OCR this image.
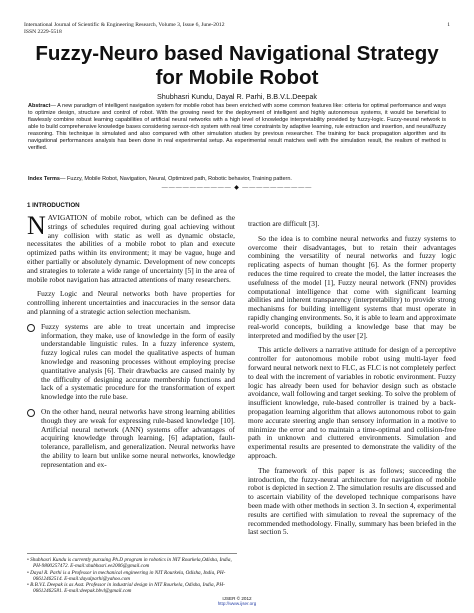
International Journal of Scientific & Engineering Research, Volume 3, Issue 6, June-2012
ISSN 2229-5518
1
Fuzzy-Neuro based Navigational Strategy for Mobile Robot
Shubhasri Kundu, Dayal R. Parhi, B.B.V.L.Deepak
Abstract— A new paradigm of intelligent navigation system for mobile robot has been enriched with some common features like: criteria for optimal performance and ways to optimize design, structure and control of robot. With the growing need for the deployment of intelligent and highly autonomous systems, it would be beneficial to flawlessly combine robust learning capabilities of artificial neural networks with a high level of knowledge interpretability provided by fuzzy-logic. Fuzzy-neural network is able to build comprehensive knowledge bases considering sensor-rich system with real time constraints by adaptive learning, rule extraction and insertion, and neural/fuzzy reasoning. This technique is simulated and also compared with other simulation studies by previous researcher. The training for back propagation algorithm and its navigational performances analysis has been done in real experimental setup. As experimental result matches well with the simulation result, the realism of method is verified.
Index Terms— Fuzzy, Mobile Robot, Navigation, Neural, Optimized path, Robotic behavior, Training pattern.
—————————— ◆ ——————————
1 INTRODUCTION

NAVIGATION of mobile robot, which can be defined as the strings of schedules required during goal achieving without any collision with static as well as dynamic obstacle, necessitates the abilities of a mobile robot to plan and execute optimized paths within its environment; it may be vague, huge and either partially or absolutely dynamic. Development of new concepts and strategies to tolerate a wide range of uncertainty [5] in the area of mobile robot navigation has attracted attentions of many researchers.

Fuzzy Logic and Neural networks both have properties for controlling inherent uncertainties and inaccuracies in the sensor data and planning of a strategic action selection mechanism.

Fuzzy systems are able to treat uncertain and imprecise information, they make, use of knowledge in the form of easily understandable linguistic rules. In a fuzzy inference system, fuzzy logical rules can model the qualitative aspects of human knowledge and reasoning processes without employing precise quantitative analysis [6]. Their drawbacks are caused mainly by the difficulty of designing accurate membership functions and lack of a systematic procedure for the transformation of expert knowledge into the rule base.

On the other hand, neural networks have strong learning abilities though they are weak for expressing rule-based knowledge [10]. Artificial neural network (ANN) systems offer advantages of acquiring knowledge through learning, [6] adaptation, fault-tolerance, parallelism, and generalization. Neural networks have the ability to learn but unlike some neural networks, knowledge representation and ex-

traction are difficult [3].

So the idea is to combine neural networks and fuzzy systems to overcome their disadvantages, but to retain their advantages combining the versatility of neural networks and fuzzy logic replicating aspects of human thought [6]. As the former property reduces the time required to create the model, the latter increases the usefulness of the model [1], Fuzzy neural network (FNN) provides computational intelligence that come with significant learning abilities and inherent transparency (interpretability) to provide strong mechanisms for building intelligent systems that must operate in rapidly changing environments. So, it is able to learn and approximate real-world concepts, building a knowledge base that may be interpreted and modified by the user [2].

This article delivers a narrative attitude for design of a perceptive controller for autonomous mobile robot using multi-layer feed forward neural network next to FLC, as FLC is not completely perfect to deal with the increment of variables in robotic environment. Fuzzy logic has already been used for behavior design such as obstacle avoidance, wall following and target seeking. To solve the problem of insufficient knowledge, rule-based controller is trained by a back-propagation learning algorithm that allows autonomous robot to gain more accurate steering angle than sensory information in a motive to minimize the error and to maintain a time-optimal and collision-free path in unknown and cluttered environments. Simulation and experimental results are presented to demonstrate the validity of the approach.

The framework of this paper is as follows; succeeding the introduction, the fuzzy-neural architecture for navigation of mobile robot is depicted in section 2. The simulation results are discussed and to ascertain viability of the developed technique comparisons have been made with other methods in section 3. In section 4, experimental results are certified with simulation to reveal the supremacy of the recommended methodology. Finally, summary has been briefed in the last section 5.

• Shubhasri Kundu is currently pursuing Ph.D program in robotics in NIT Rourkela,Odisha, India, PH-9800257472. E-mail:shubhasri.ee2006@gmail.com
• Dayal R. Parhi is a Professor in mechanical engineering in NIT Rourkela, Odisha, India, PH-06612462514. E-mail:dayalparhi@yahoo.com
• B.B.V.L Deepak is as Asst. Professor in industrial design in NIT Rourkela, Odisha, India, PH-06612462581. E-mail:deepak.bbvl@gmail.com
IJSER © 2012
http://www.ijser.org
